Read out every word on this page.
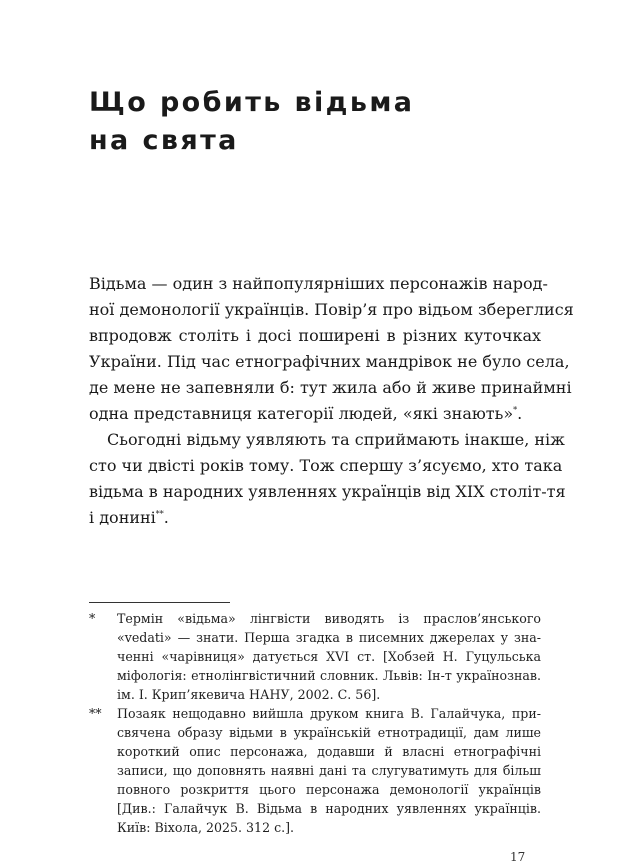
Що робить відьма
на свята
Відьма — один з найпопулярніших персонажів народ-
ної демонології українців. Повір’я про відьом збереглися
впродовж століть і досі поширені в різних куточках
України. Під час етнографічних мандрівок не було села,
де мене не запевняли б: тут жила або й живе принаймні
одна представниця категорії людей, «які знають»*.
Сьогодні відьму уявляють та сприймають інакше, ніж
сто чи двісті років тому. Тож спершу з’ясуємо, хто така
відьма в народних уявленнях українців від XIX століт-тя
і донині**.
* Термін «відьма» лінгвісти виводять із праслов’янського
«vedati» — знати. Перша згадка в писемних джерелах у зна-
ченні «чарівниця» датується XVI ст. [Хобзей Н. Гуцульська
міфологія: етнолінгвістичний словник. Львів: Ін-т українознав.
ім. І. Крип’якевича НАНУ, 2002. С. 56].
** Позаяк нещодавно вийшла друком книга В. Галайчука, при-
свячена образу відьми в українській етнотрадиції, дам лише
короткий опис персонажа, додавши й власні етнографічні
записи, що доповнять наявні дані та слугуватимуть для більш
повного розкриття цього персонажа демонології українців
[Див.: Галайчук В. Відьма в народних уявленнях українців.
Київ: Віхола, 2025. 312 с.].
17
